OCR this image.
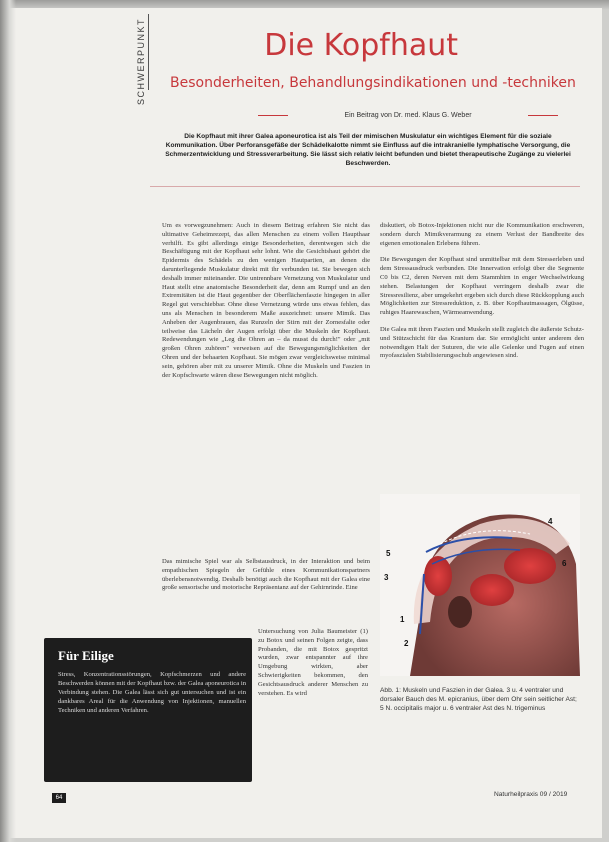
SCHWERPUNKT	Die Kopfhaut
Besonderheiten, Behandlungsindikationen und -techniken
Ein Beitrag von Dr. med. Klaus G. Weber
Die Kopfhaut mit ihrer Galea aponeurotica ist als Teil der mimischen Muskulatur ein wichtiges Element für die soziale Kommunikation. Über Perforansgefäße der Schädelkalotte nimmt sie Einfluss auf die intrakranielle lymphatische Versorgung, die Schmerzentwicklung und Stressverarbeitung. Sie lässt sich relativ leicht befunden und bietet therapeutische Zugänge zu vielerlei Beschwerden.

Um es vorwegzunehmen: Auch in diesem Beitrag erfahren Sie nicht das ultimative Geheimrezept, das allen Menschen zu einem vollen Haupthaar verhilft. Es gibt allerdings einige Besonderheiten, derentwegen sich die Beschäftigung mit der Kopfhaut sehr lohnt. Wie die Gesichtshaut gehört die Epidermis des Schädels zu den wenigen Hautpartien, an denen die darunterliegende Muskulatur direkt mit ihr verbunden ist. Sie bewegen sich deshalb immer miteinander. Die untrennbare Vernetzung von Muskulatur und Haut stellt eine anatomische Besonderheit dar, denn am Rumpf und an den Extremitäten ist die Haut gegenüber der Oberflächenfaszie hingegen in aller Regel gut verschiebbar. Ohne diese Vernetzung würde uns etwas fehlen, das uns als Menschen in besonderem Maße auszeichnet: unsere Mimik. Das Anheben der Augenbrauen, das Runzeln der Stirn mit der Zornesfalte oder teilweise das Lächeln der Augen erfolgt über die Muskeln der Kopfhaut. Redewendungen wie „Leg die Ohren an – da musst du durch!" oder „mit großen Ohren zuhören" verweisen auf die Bewegungsmöglichkeiten der Ohren und der behaarten Kopfhaut. Sie mögen zwar vergleichsweise minimal sein, gehören aber mit zu unserer Mimik. Ohne die Muskeln und Faszien in der Kopfschwarte wären diese Bewegungen nicht möglich.

Das mimische Spiel war als Selbstausdruck, in der Interaktion und beim empathischen Spiegeln der Gefühle eines Kommunikationspartners überlebensnotwendig. Deshalb benötigt auch die Kopfhaut mit der Galea eine große sensorische und motorische Repräsentanz auf der Gehirnrinde. Eine

Untersuchung von Julia Baumeister (1) zu Botox und seinen Folgen zeigte, dass Probanden, die mit Botox gespritzt wurden, zwar entspannter auf ihre Umgebung wirkten, aber Schwierigkeiten bekommen, den Gesichtsausdruck anderer Menschen zu verstehen. Es wird

diskutiert, ob Botox-Injektionen nicht nur die Kommunikation erschweren, sondern durch Mimikverarmung zu einem Verlust der Bandbreite des eigenen emotionalen Erlebens führen.

Die Bewegungen der Kopfhaut sind unmittelbar mit dem Stresserleben und dem Stressausdruck verbunden. Die Innervation erfolgt über die Segmente C0 bis C2, deren Nerven mit dem Stammhirn in enger Wechselwirkung stehen. Belastungen der Kopfhaut verringern deshalb zwar die Stressresilienz, aber umgekehrt ergeben sich durch diese Rückkopplung auch Möglichkeiten zur Stressreduktion, z. B. über Kopfhautmassagen, Ölgüsse, ruhiges Haarewaschen, Wärmeanwendung.

Die Galea mit ihren Faszien und Muskeln stellt zugleich die äußerste Schutz- und Stützschicht für das Kranium dar. Sie ermöglicht unter anderem den notwendigen Halt der Suturen, die wie alle Gelenke und Fugen auf einen myofaszialen Stabilisierungsschub angewiesen sind.

1
2
3
4
5
6
Abb. 1: Muskeln und Faszien in der Galea. 3 u. 4 ventraler und dorsaler Bauch des M. epicranius, über dem Ohr sein seitlicher Ast; 5 N. occipitalis major u. 6 ventraler Ast des N. trigeminus
Für Eilige
Stress, Konzentrationsstörungen, Kopfschmerzen und andere Beschwerden können mit der Kopfhaut bzw. der Galea aponeurotica in Verbindung stehen. Die Galea lässt sich gut untersuchen und ist ein dankbares Areal für die Anwendung von Injektionen, manuellen Techniken und anderen Verfahren.
64	Naturheilpraxis 09 / 2019
